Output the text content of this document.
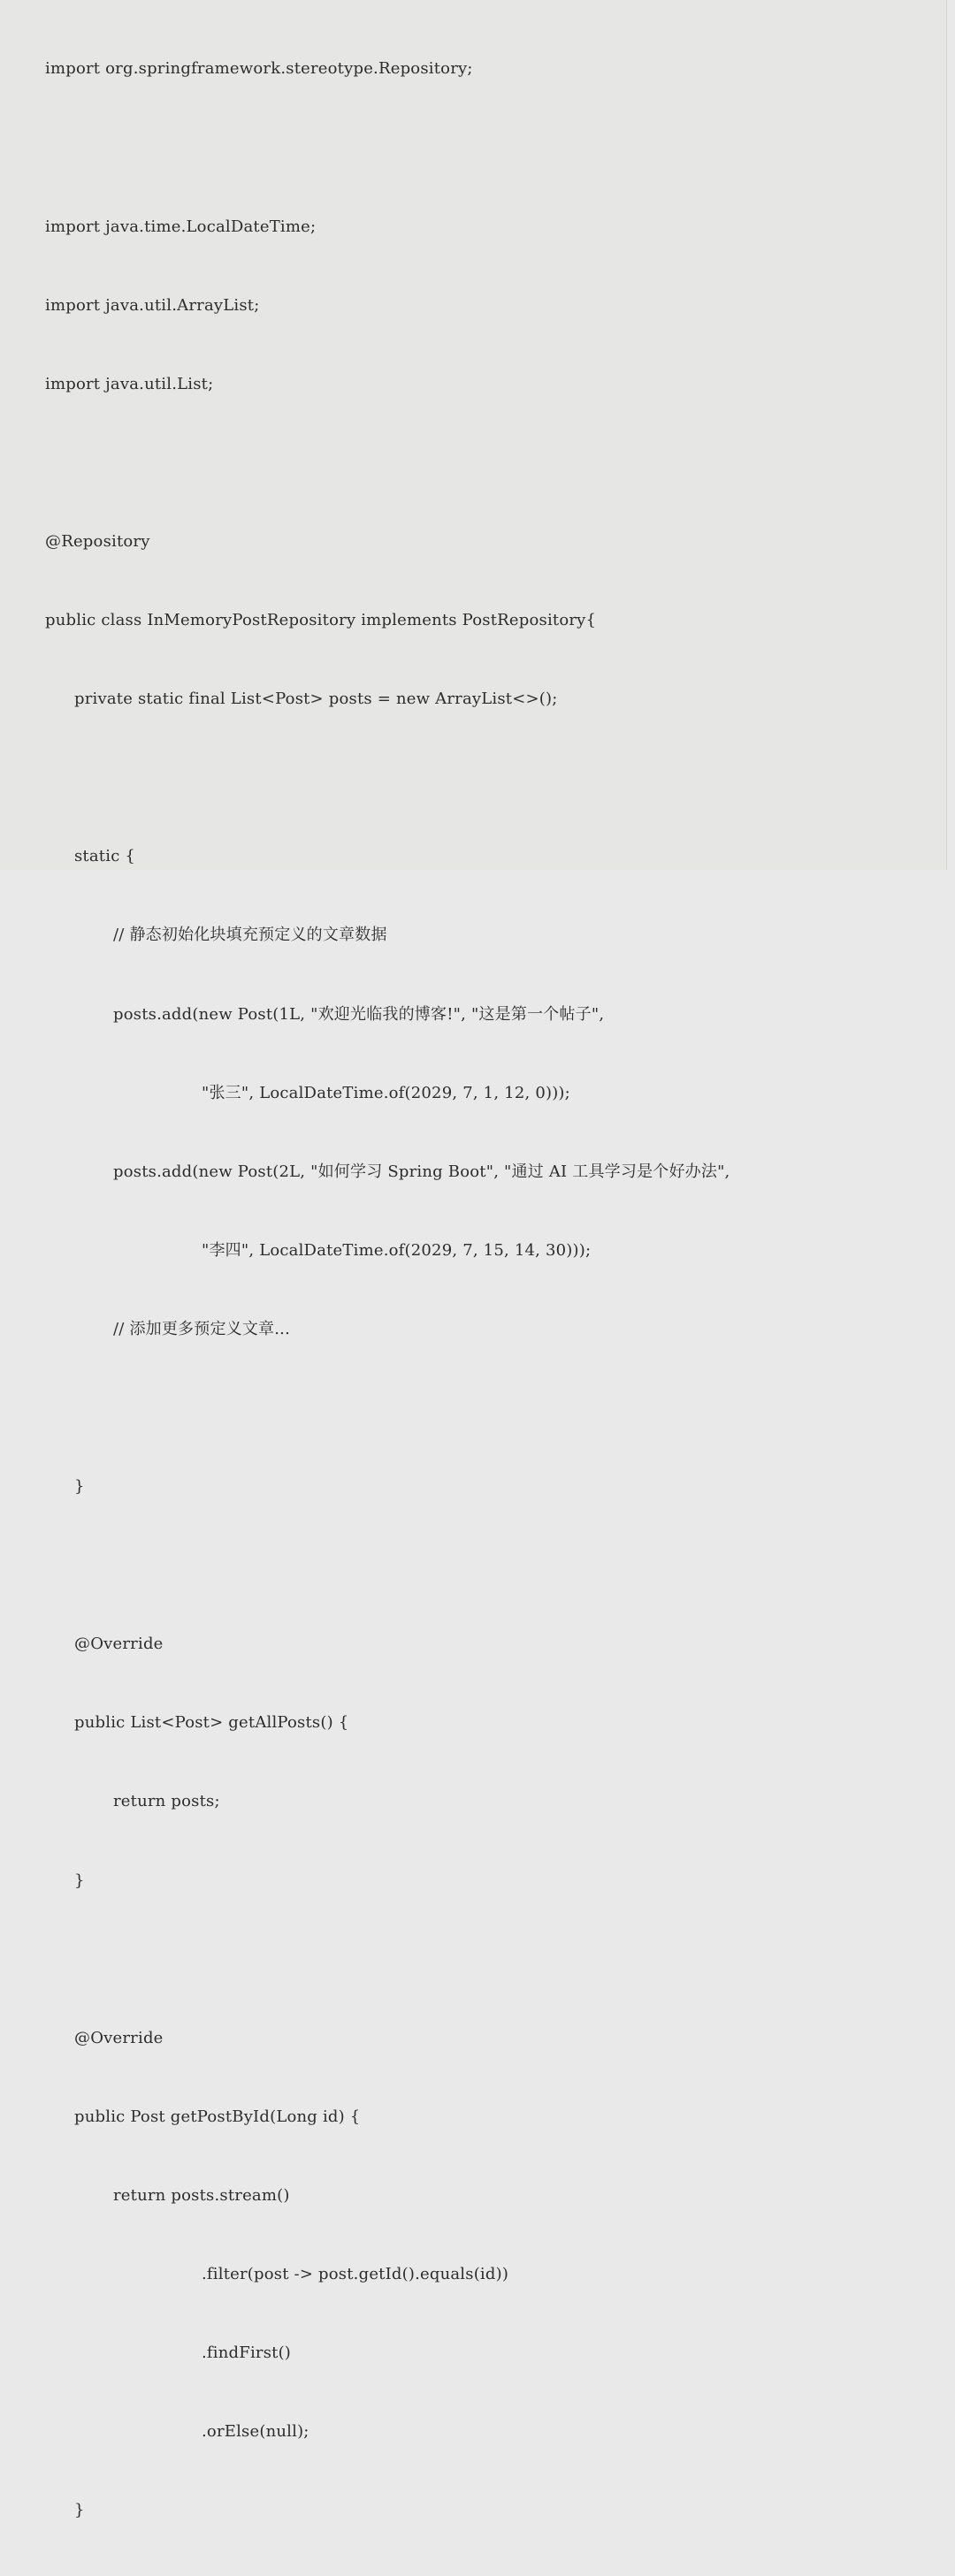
import org.springframework.stereotype.Repository;

import java.time.LocalDateTime;

import java.util.ArrayList;

import java.util.List;

@Repository

public class InMemoryPostRepository implements PostRepository{

private static final List<Post> posts = new ArrayList<>();

static {

// 静态初始化块填充预定义的文章数据

posts.add(new Post(1L, "欢迎光临我的博客!", "这是第一个帖子",

"张三", LocalDateTime.of(2029, 7, 1, 12, 0)));

posts.add(new Post(2L, "如何学习 Spring Boot", "通过 AI 工具学习是个好办法",

"李四", LocalDateTime.of(2029, 7, 15, 14, 30)));

// 添加更多预定义文章...

}

@Override

public List<Post> getAllPosts() {

return posts;

}

@Override

public Post getPostById(Long id) {

return posts.stream()

.filter(post -> post.getId().equals(id))

.findFirst()

.orElse(null);

}
